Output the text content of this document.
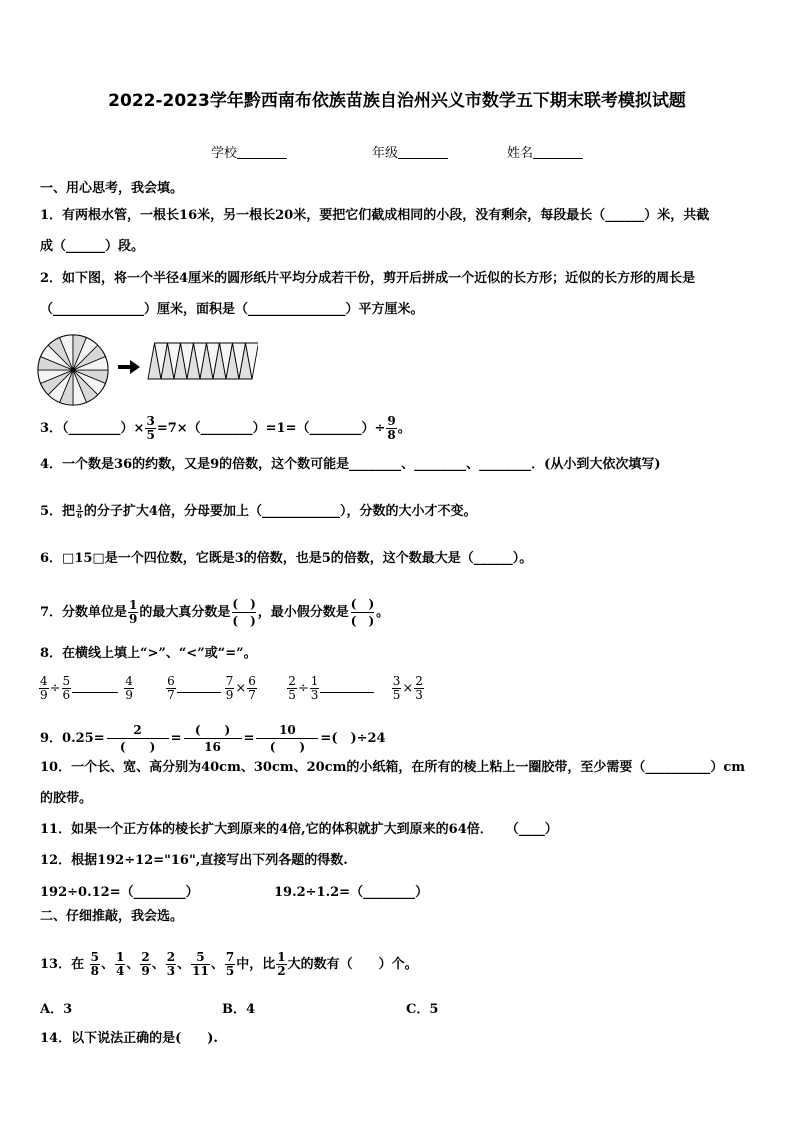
2022-2023学年黔西南布依族苗族自治州兴义市数学五下期末联考模拟试题
学校	年级	姓名
一、用心思考，我会填。
1．有两根水管，一根长16米，另一根长20米，要把它们截成相同的小段，没有剩余，每段最长（______）米，共截
成（______）段。
2．如下图，将一个半径4厘米的圆形纸片平均分成若干份，剪开后拼成一个近似的长方形；近似的长方形的周长是
（______________）厘米，面积是（_______________）平方厘米。
3．（________）× $\frac{3}{5}$ =7×（________）=1=（________）÷ $\frac{9}{8}$ 。
4．一个数是36的约数，又是9的倍数，这个数可能是________、________、________．(从小到大依次填写)
5．把 $\frac{5}{6}$ 的分子扩大4倍，分母要加上（____________），分数的大小才不变。
6．□15□是一个四位数，它既是3的倍数，也是5的倍数，这个数最大是（______）。
7．分数单位是 $\frac{1}{9}$ 的最大真分数是
(　)
(　)
，最小假分数是
(　)
(　)
。
8．在横线上填上“>”、“<”或“=”。
$\frac{4}{9} \div \frac{5}{6}$	$\frac{4}{9}$
	$\frac{6}{7}$	$\frac{7}{9} \times \frac{6}{7}$
	$\frac{2}{5} \div \frac{1}{3}$
	$\frac{3}{5} \times \frac{2}{3}$
9．0.25=
2
(　　)
=
(　　)
16
=
10
(　　)
=(　)÷24
10．一个长、宽、高分别为40cm、30cm、20cm的小纸箱，在所有的棱上粘上一圈胶带，至少需要（__________）cm
的胶带。
11．如果一个正方体的棱长扩大到原来的4倍,它的体积就扩大到原来的64倍．　　（____）
12．根据192÷12="16",直接写出下列各题的得数.
192÷0.12=（________）	19.2÷1.2=（________）
二、仔细推敲，我会选。
13．在 $\frac{5}{8}$ 、 $\frac{1}{4}$ 、 $\frac{2}{9}$ 、 $\frac{2}{3}$ 、 $\frac{5}{11}$ 、 $\frac{7}{5}$ 中，比 $\frac{1}{2}$ 大的数有（　　）个。
A．3	B．4	C．5
14．以下说法正确的是(　　).
